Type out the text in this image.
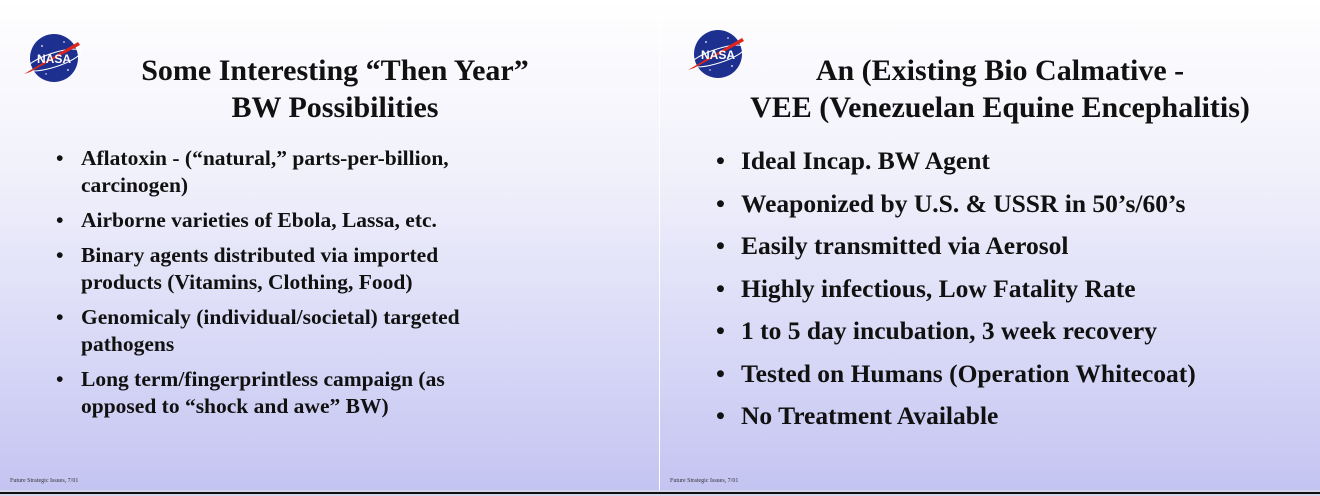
NASA	Some Interesting “Then Year”
BW Possibilities
• Aflatoxin - (“natural,” parts-per-billion,
carcinogen)
• Airborne varieties of Ebola, Lassa, etc.
• Binary agents distributed via imported
products (Vitamins, Clothing, Food)
• Genomicaly (individual/societal) targeted
pathogens
• Long term/fingerprintless campaign (as
opposed to “shock and awe” BW)
Future Strategic Issues, 7/01
NASA	An (Existing Bio Calmative -
VEE (Venezuelan Equine Encephalitis)
• Ideal Incap. BW Agent
• Weaponized by U.S. & USSR in 50’s/60’s
• Easily transmitted via Aerosol
• Highly infectious, Low Fatality Rate
• 1 to 5 day incubation, 3 week recovery
• Tested on Humans (Operation Whitecoat)
• No Treatment Available
Future Strategic Issues, 7/01
